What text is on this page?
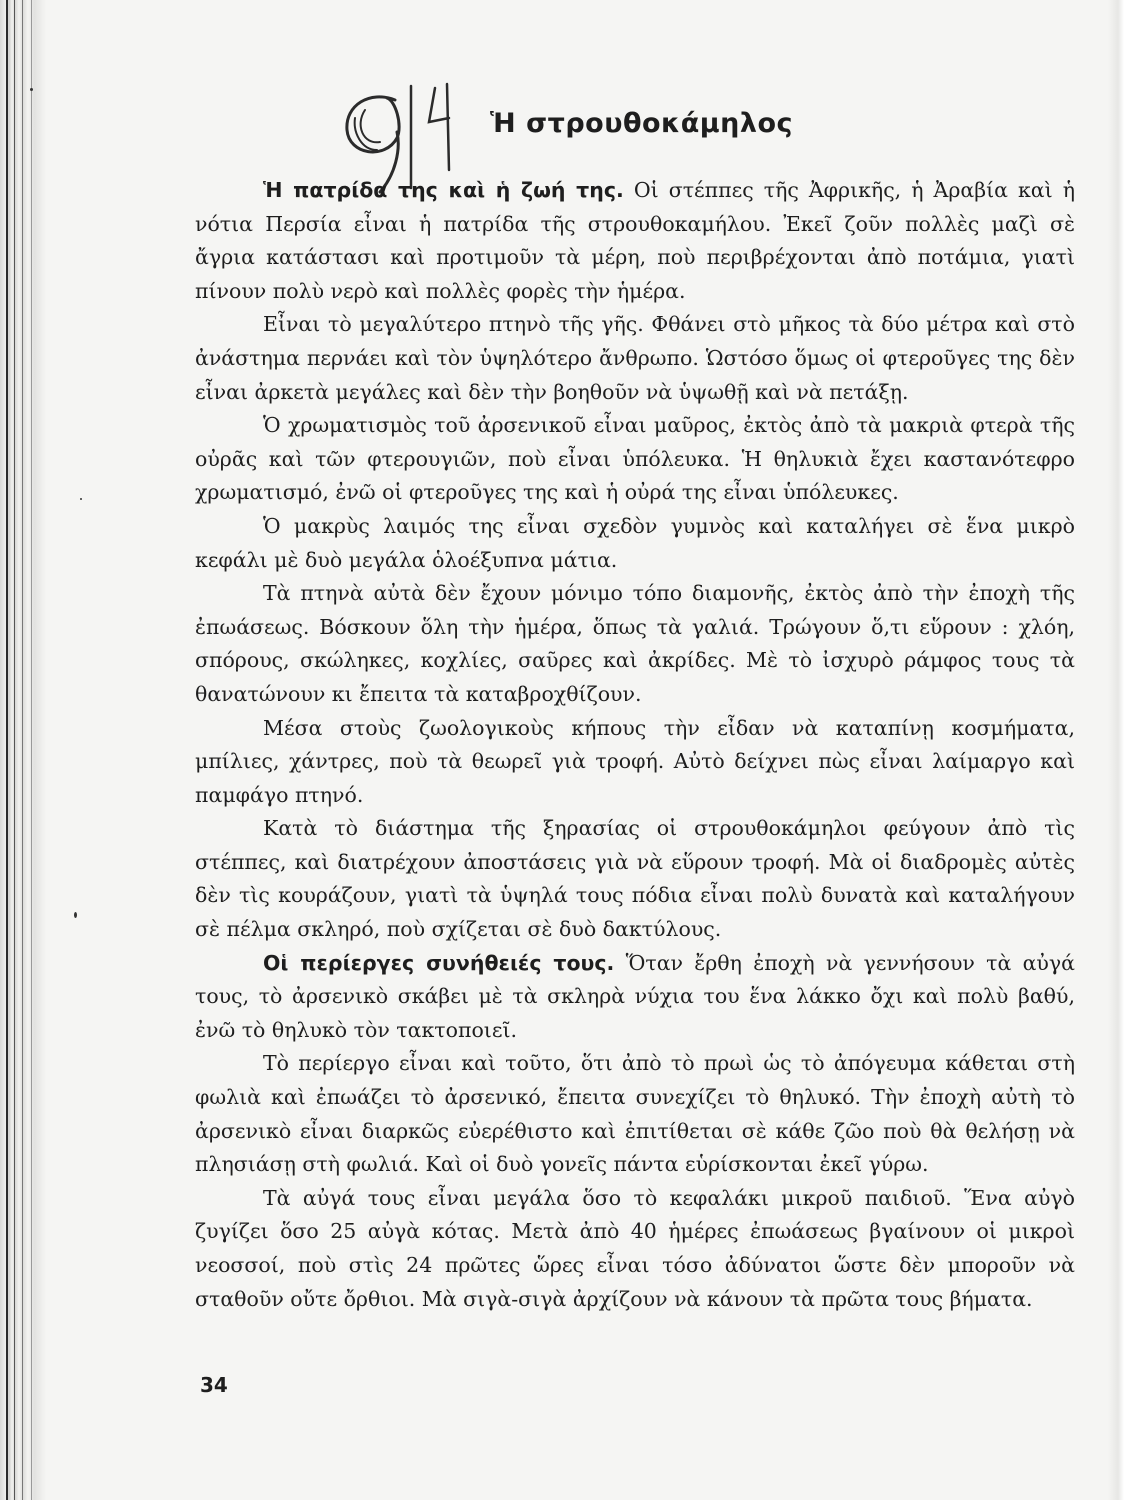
Ἡ στρουθοκάμηλος

Ἡ πατρίδα της καὶ ἡ ζωή της. Οἱ στέππες τῆς Ἀφρικῆς, ἡ Ἀραβία καὶ ἡ νότια Περσία εἶναι ἡ πατρίδα τῆς στρουθοκαμήλου. Ἐκεῖ ζοῦν πολλὲς μαζὶ σὲ ἄγρια κατάστασι καὶ προτιμοῦν τὰ μέρη, ποὺ περιβρέχονται ἀπὸ ποτάμια, γιατὶ πίνουν πολὺ νερὸ καὶ πολλὲς φορὲς τὴν ἡμέρα.

Εἶναι τὸ μεγαλύτερο πτηνὸ τῆς γῆς. Φθάνει στὸ μῆκος τὰ δύο μέτρα καὶ στὸ ἀνάστημα περνάει καὶ τὸν ὑψηλότερο ἄνθρωπο. Ὡστόσο ὅμως οἱ φτεροῦγες της δὲν εἶναι ἀρκετὰ μεγάλες καὶ δὲν τὴν βοηθοῦν νὰ ὑψωθῇ καὶ νὰ πετάξῃ.

Ὁ χρωματισμὸς τοῦ ἀρσενικοῦ εἶναι μαῦρος, ἐκτὸς ἀπὸ τὰ μακριὰ φτερὰ τῆς οὐρᾶς καὶ τῶν φτερουγιῶν, ποὺ εἶναι ὑπόλευκα. Ἡ θηλυκιὰ ἔχει καστανότεφρο χρωματισμό, ἐνῶ οἱ φτεροῦγες της καὶ ἡ οὐρά της εἶναι ὑπόλευκες.

Ὁ μακρὺς λαιμός της εἶναι σχεδὸν γυμνὸς καὶ καταλήγει σὲ ἕνα μικρὸ κεφάλι μὲ δυὸ μεγάλα ὁλοέξυπνα μάτια.

Τὰ πτηνὰ αὐτὰ δὲν ἔχουν μόνιμο τόπο διαμονῆς, ἐκτὸς ἀπὸ τὴν ἐποχὴ τῆς ἐπωάσεως. Βόσκουν ὅλη τὴν ἡμέρα, ὅπως τὰ γαλιά. Τρώγουν ὅ,τι εὕρουν : χλόη, σπόρους, σκώληκες, κοχλίες, σαῦρες καὶ ἀκρίδες. Μὲ τὸ ἰσχυρὸ ράμφος τους τὰ θανατώνουν κι ἔπειτα τὰ καταβροχθίζουν.

Μέσα στοὺς ζωολογικοὺς κήπους τὴν εἶδαν νὰ καταπίνῃ κοσμήματα, μπίλιες, χάντρες, ποὺ τὰ θεωρεῖ γιὰ τροφή. Αὐτὸ δείχνει πὼς εἶναι λαίμαργο καὶ παμφάγο πτηνό.

Κατὰ τὸ διάστημα τῆς ξηρασίας οἱ στρουθοκάμηλοι φεύγουν ἀπὸ τὶς στέππες, καὶ διατρέχουν ἀποστάσεις γιὰ νὰ εὕρουν τροφή. Μὰ οἱ διαδρομὲς αὐτὲς δὲν τὶς κουράζουν, γιατὶ τὰ ὑψηλά τους πόδια εἶναι πολὺ δυνατὰ καὶ καταλήγουν σὲ πέλμα σκληρό, ποὺ σχίζεται σὲ δυὸ δακτύλους.

Οἱ περίεργες συνήθειές τους. Ὅταν ἔρθη ἐποχὴ νὰ γεννήσουν τὰ αὐγά τους, τὸ ἀρσενικὸ σκάβει μὲ τὰ σκληρὰ νύχια του ἕνα λάκκο ὄχι καὶ πολὺ βαθύ, ἐνῶ τὸ θηλυκὸ τὸν τακτοποιεῖ.

Τὸ περίεργο εἶναι καὶ τοῦτο, ὅτι ἀπὸ τὸ πρωὶ ὡς τὸ ἀπόγευμα κάθεται στὴ φωλιὰ καὶ ἐπωάζει τὸ ἀρσενικό, ἔπειτα συνεχίζει τὸ θηλυκό. Τὴν ἐποχὴ αὐτὴ τὸ ἀρσενικὸ εἶναι διαρκῶς εὐερέθιστο καὶ ἐπιτίθεται σὲ κάθε ζῶο ποὺ θὰ θελήσῃ νὰ πλησιάσῃ στὴ φωλιά. Καὶ οἱ δυὸ γονεῖς πάντα εὑρίσκονται ἐκεῖ γύρω.

Τὰ αὐγά τους εἶναι μεγάλα ὅσο τὸ κεφαλάκι μικροῦ παιδιοῦ. Ἕνα αὐγὸ ζυγίζει ὅσο 25 αὐγὰ κότας. Μετὰ ἀπὸ 40 ἡμέρες ἐπωάσεως βγαίνουν οἱ μικροὶ νεοσσοί, ποὺ στὶς 24 πρῶτες ὥρες εἶναι τόσο ἀδύνατοι ὥστε δὲν μποροῦν νὰ σταθοῦν οὔτε ὄρθιοι. Μὰ σιγὰ-σιγὰ ἀρχίζουν νὰ κάνουν τὰ πρῶτα τους βήματα.

34
